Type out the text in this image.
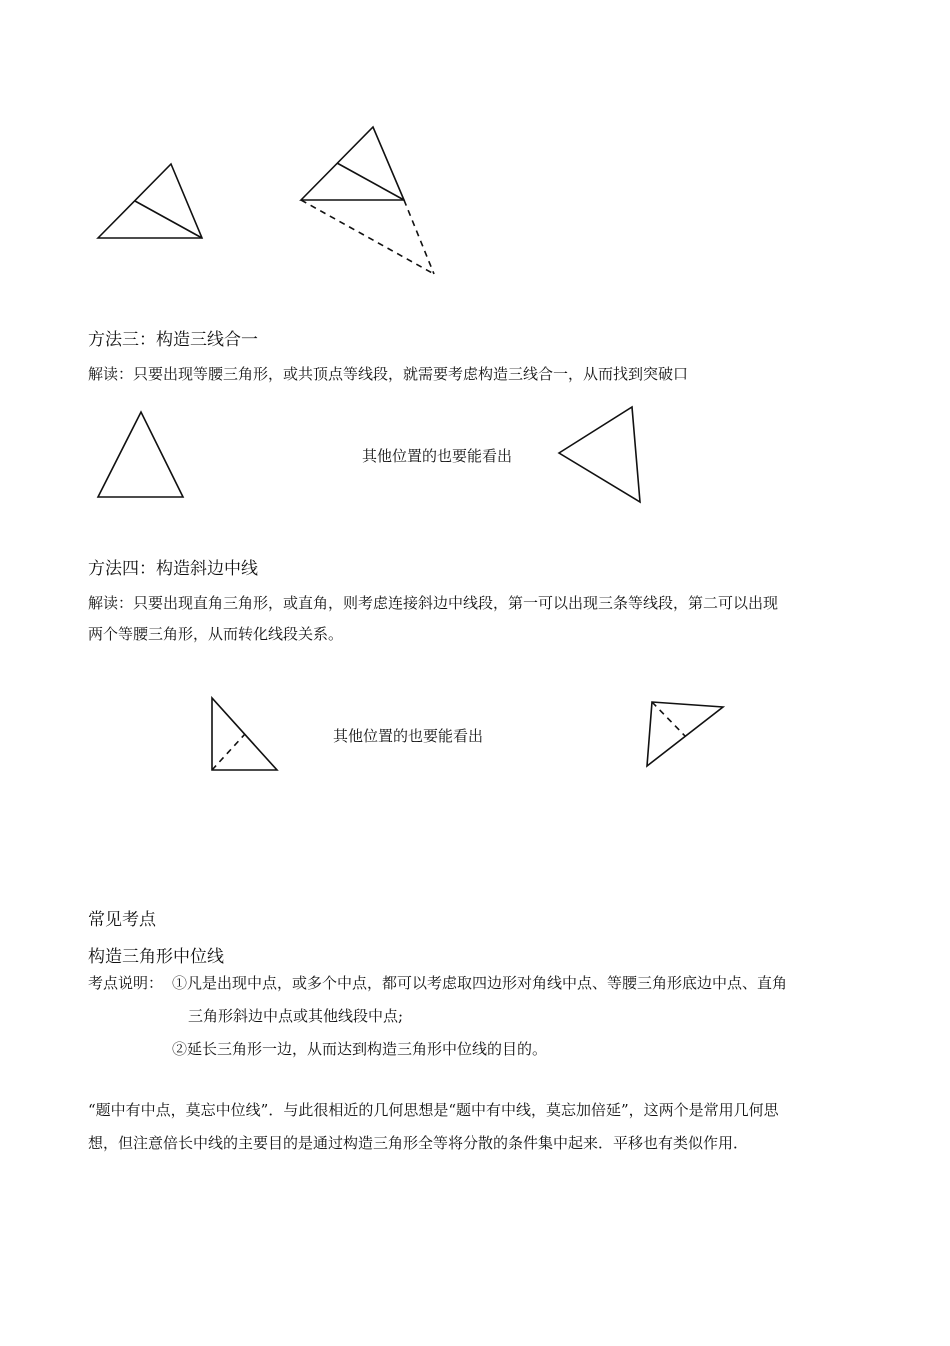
方法三：构造三线合一
解读：只要出现等腰三角形，或共顶点等线段，就需要考虑构造三线合一，从而找到突破口
其他位置的也要能看出
方法四：构造斜边中线
解读：只要出现直角三角形，或直角，则考虑连接斜边中线段，第一可以出现三条等线段，第二可以出现
两个等腰三角形，从而转化线段关系。
其他位置的也要能看出
常见考点
构造三角形中位线
考点说明： ①凡是出现中点，或多个中点，都可以考虑取四边形对角线中点、等腰三角形底边中点、直角
三角形斜边中点或其他线段中点;
②延长三角形一边，从而达到构造三角形中位线的目的。
“题中有中点，莫忘中位线”．与此很相近的几何思想是“题中有中线，莫忘加倍延”，这两个是常用几何思
想，但注意倍长中线的主要目的是通过构造三角形全等将分散的条件集中起来．平移也有类似作用．
